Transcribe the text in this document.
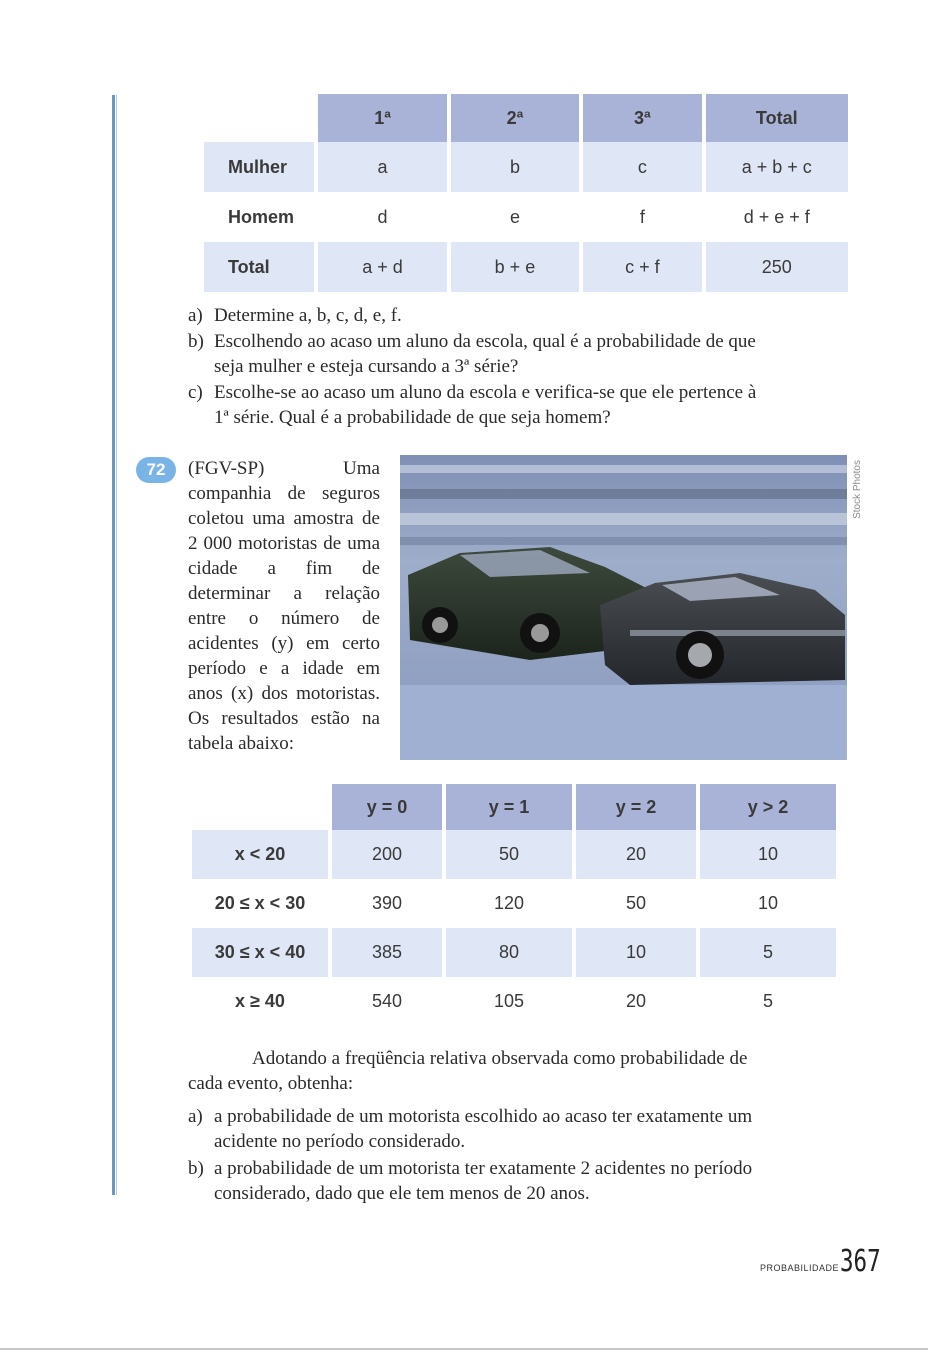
	1ª	2ª	3ª	Total
Mulher	a	b	c	a + b + c
Homem	d	e	f	d + e + f
Total	a + d	b + e	c + f	250
a) Determine a, b, c, d, e, f.
b) Escolhendo ao acaso um aluno da escola, qual é a probabilidade de que
seja mulher e esteja cursando a 3ª série?
c) Escolhe-se ao acaso um aluno da escola e verifica-se que ele pertence à
1ª série. Qual é a probabilidade de que seja homem?
72	(FGV-SP) Uma companhia de seguros coletou uma amostra de 2 000 motoristas de uma cidade a fim de determinar a relação entre o número de acidentes (y) em certo período e a idade em anos (x) dos motoristas. Os resultados estão na tabela abaixo:
Stock Photos
	y = 0	y = 1	y = 2	y > 2
x < 20	200	50	20	10
20 ≤ x < 30	390	120	50	10
30 ≤ x < 40	385	80	10	5
x ≥ 40	540	105	20	5
Adotando a freqüência relativa observada como probabilidade de
cada evento, obtenha:
a) a probabilidade de um motorista escolhido ao acaso ter exatamente um
acidente no período considerado.
b) a probabilidade de um motorista ter exatamente 2 acidentes no período
considerado, dado que ele tem menos de 20 anos.
PROBABILIDADE 367
